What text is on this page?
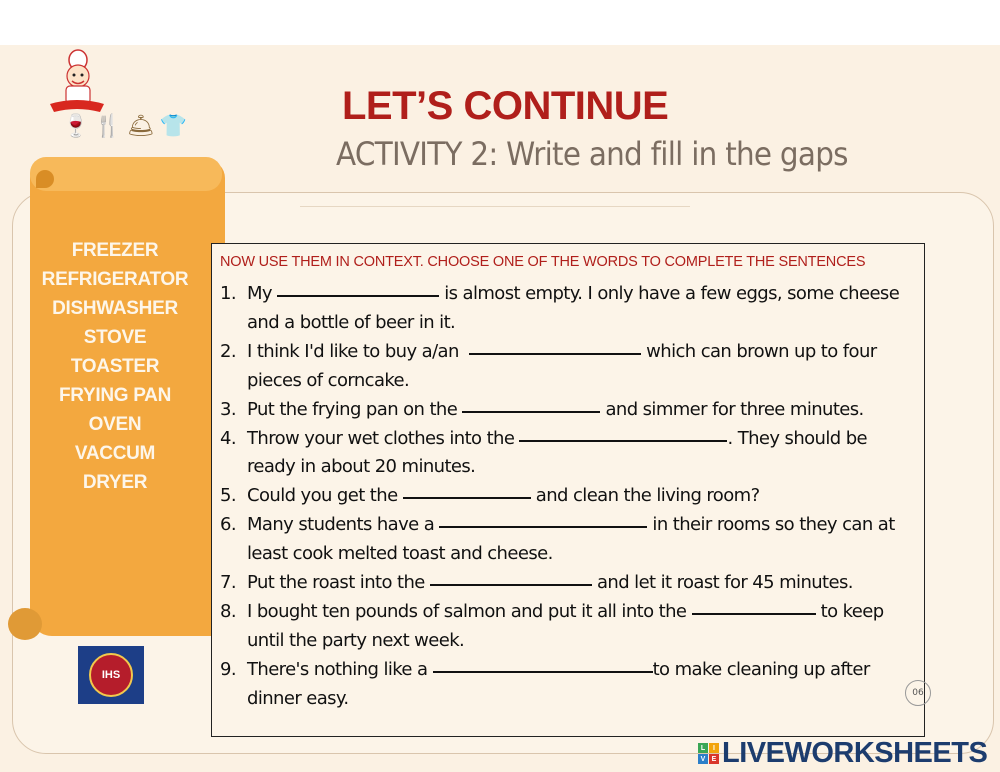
🍷 🍴 🛎 👕
FREEZER
REFRIGERATOR
DISHWASHER
STOVE
TOASTER
FRYING PAN
OVEN
VACCUM
DRYER
IHS
LET’S CONTINUE
ACTIVITY 2: Write and fill in the gaps
NOW USE THEM IN CONTEXT. CHOOSE ONE OF THE WORDS TO COMPLETE THE SENTENCES
1. My	is almost empty. I only have a few eggs, some cheese
and a bottle of beer in it.
2. I think I'd like to buy a/an	which can brown up to four
pieces of corncake.
3. Put the frying pan on the	and simmer for three minutes.
4. Throw your wet clothes into the	. They should be
ready in about 20 minutes.
5. Could you get the	and clean the living room?
6. Many students have a	in their rooms so they can at
least cook melted toast and cheese.
7. Put the roast into the	and let it roast for 45 minutes.
8. I bought ten pounds of salmon and put it all into the	to keep
until the party next week.
9. There's nothing like a	to make cleaning up after
dinner easy.	06
L	I
V E LIVEWORKSHEETS
